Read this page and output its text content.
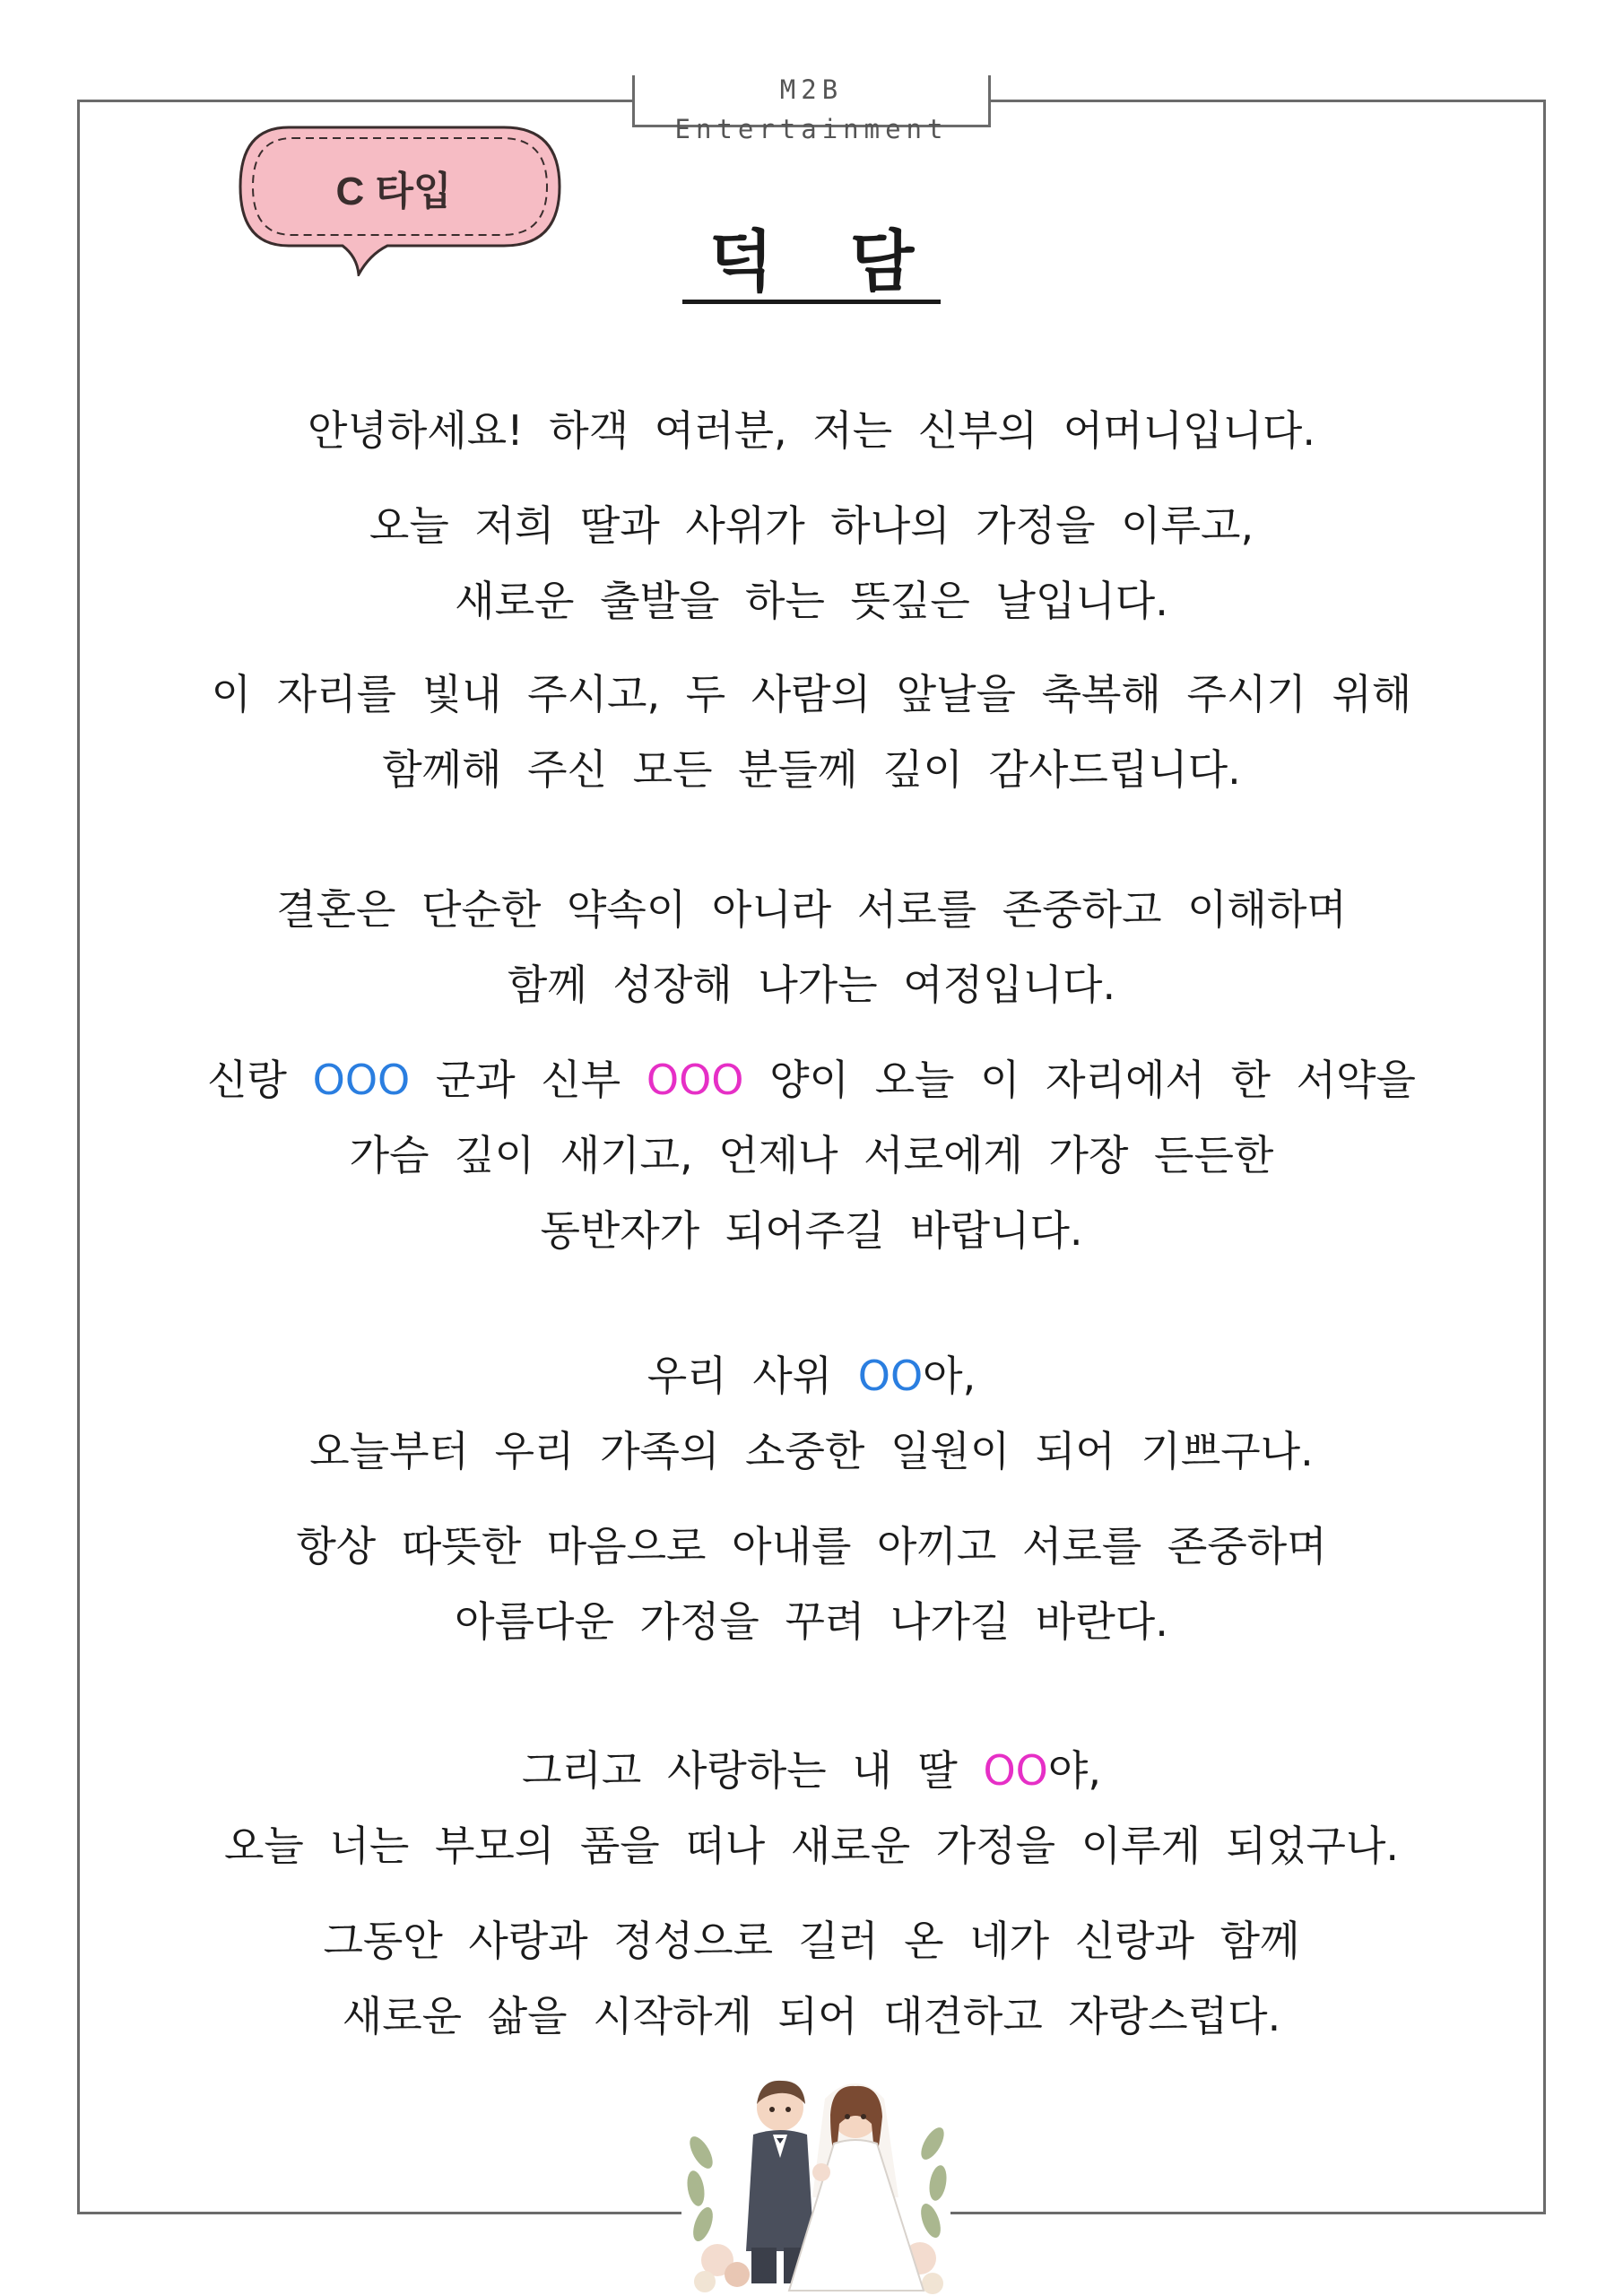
M2B Entertainment
C 타입
덕 담
안녕하세요! 하객 여러분, 저는 신부의 어머니입니다.
오늘 저희 딸과 사위가 하나의 가정을 이루고,
새로운 출발을 하는 뜻깊은 날입니다.
이 자리를 빛내 주시고, 두 사람의 앞날을 축복해 주시기 위해
함께해 주신 모든 분들께 깊이 감사드립니다.
결혼은 단순한 약속이 아니라 서로를 존중하고 이해하며
함께 성장해 나가는 여정입니다.
신랑 OOO 군과 신부 OOO 양이 오늘 이 자리에서 한 서약을
가슴 깊이 새기고, 언제나 서로에게 가장 든든한
동반자가 되어주길 바랍니다.
우리 사위 OO아,
오늘부터 우리 가족의 소중한 일원이 되어 기쁘구나.
항상 따뜻한 마음으로 아내를 아끼고 서로를 존중하며
아름다운 가정을 꾸려 나가길 바란다.
그리고 사랑하는 내 딸 OO야,
오늘 너는 부모의 품을 떠나 새로운 가정을 이루게 되었구나.
그동안 사랑과 정성으로 길러 온 네가 신랑과 함께
새로운 삶을 시작하게 되어 대견하고 자랑스럽다.
